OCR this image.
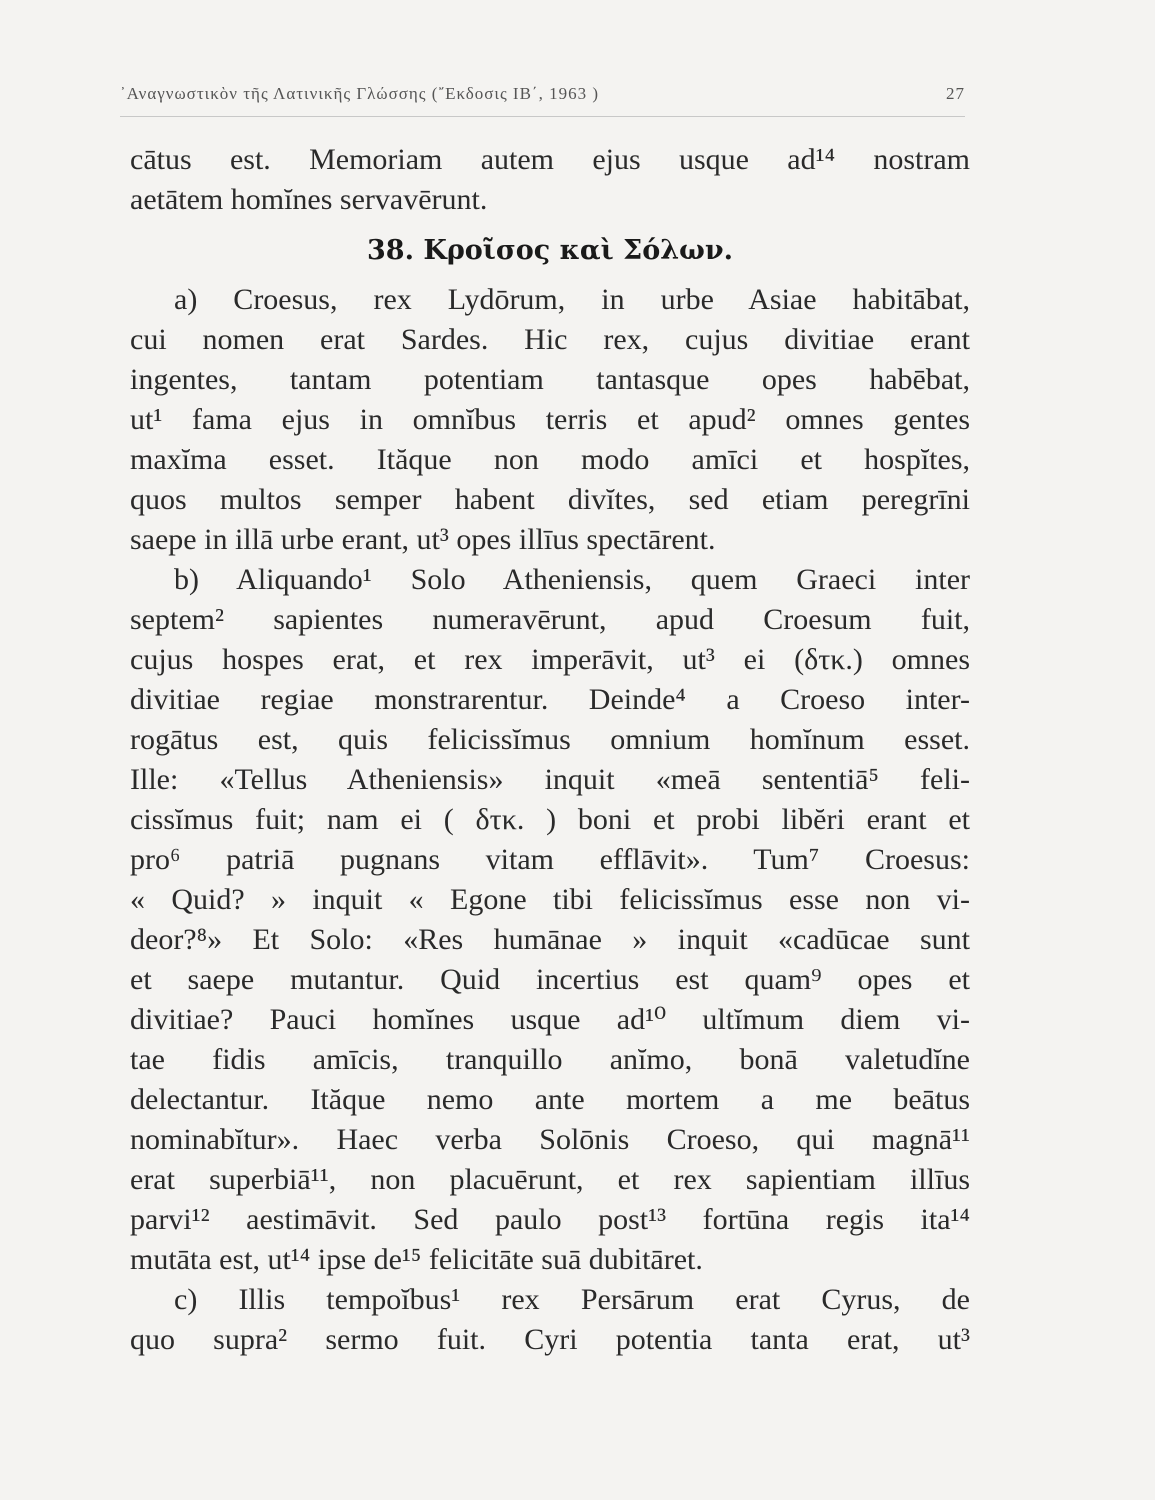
᾿Αναγνωστικὸν τῆς Λατινικῆς Γλώσσης (῎Εκδοσις ΙΒ΄, 1963 )	27
cātus est. Memoriam autem ejus usque ad¹⁴ nostram
aetātem homĭnes servavērunt.
38. Κροῖσος καὶ Σόλων.
a) Croesus, rex Lydōrum, in urbe Asiae habitābat,
cui nomen erat Sardes. Hic rex, cujus divitiae erant
ingentes, tantam potentiam tantasque opes habēbat,
ut¹ fama ejus in omnĭbus terris et apud² omnes gentes
maxĭma esset. Ităque non modo amīci et hospĭtes,
quos multos semper habent divĭtes, sed etiam peregrīni
saepe in illā urbe erant, ut³ opes illīus spectārent.
b) Aliquando¹ Solo Atheniensis, quem Graeci inter
septem² sapientes numeravērunt, apud Croesum fuit,
cujus hospes erat, et rex imperāvit, ut³ ei (δτκ.) omnes
divitiae regiae monstrarentur. Deinde⁴ a Croeso inter-
rogātus est, quis felicissĭmus omnium homĭnum esset.
Ille: «Tellus Atheniensis» inquit «meā sententiā⁵ feli-
cissĭmus fuit; nam ei ( δτκ. ) boni et probi libĕri erant et
pro⁶ patriā pugnans vitam efflāvit». Tum⁷ Croesus:
« Quid? » inquit « Egone tibi felicissĭmus esse non vi-
deor?⁸» Et Solo: «Res humānae » inquit «cadūcae sunt
et saepe mutantur. Quid incertius est quam⁹ opes et
divitiae? Pauci homĭnes usque ad¹⁰ ultĭmum diem vi-
tae fidis amīcis, tranquillo anĭmo, bonā valetudĭne
delectantur. Ităque nemo ante mortem a me beātus
nominabĭtur». Haec verba Solōnis Croeso, qui magnā¹¹
erat superbiā¹¹, non placuērunt, et rex sapientiam illīus
parvi¹² aestimāvit. Sed paulo post¹³ fortūna regis ita¹⁴
mutāta est, ut¹⁴ ipse de¹⁵ felicitāte suā dubitāret.
c) Illis tempoĭbus¹ rex Persārum erat Cyrus, de
quo supra² sermo fuit. Cyri potentia tanta erat, ut³
